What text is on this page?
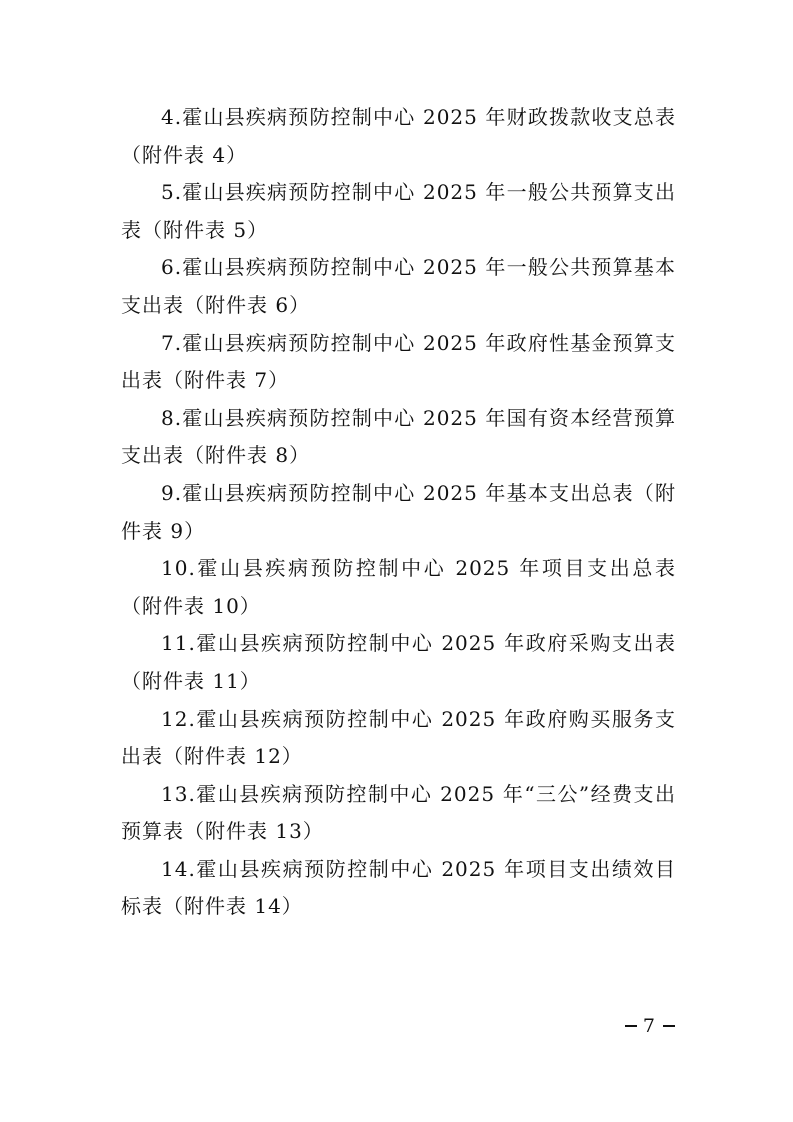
4.霍山县疾病预防控制中心 2025 年财政拨款收支总表（附件表 4）
5.霍山县疾病预防控制中心 2025 年一般公共预算支出表（附件表 5）
6.霍山县疾病预防控制中心 2025 年一般公共预算基本支出表（附件表 6）
7.霍山县疾病预防控制中心 2025 年政府性基金预算支出表（附件表 7）
8.霍山县疾病预防控制中心 2025 年国有资本经营预算支出表（附件表 8）
9.霍山县疾病预防控制中心 2025 年基本支出总表（附件表 9）
10.霍山县疾病预防控制中心 2025 年项目支出总表（附件表 10）
11.霍山县疾病预防控制中心 2025 年政府采购支出表（附件表 11）
12.霍山县疾病预防控制中心 2025 年政府购买服务支出表（附件表 12）
13.霍山县疾病预防控制中心 2025 年“三公”经费支出预算表（附件表 13）
14.霍山县疾病预防控制中心 2025 年项目支出绩效目标表（附件表 14）
7
